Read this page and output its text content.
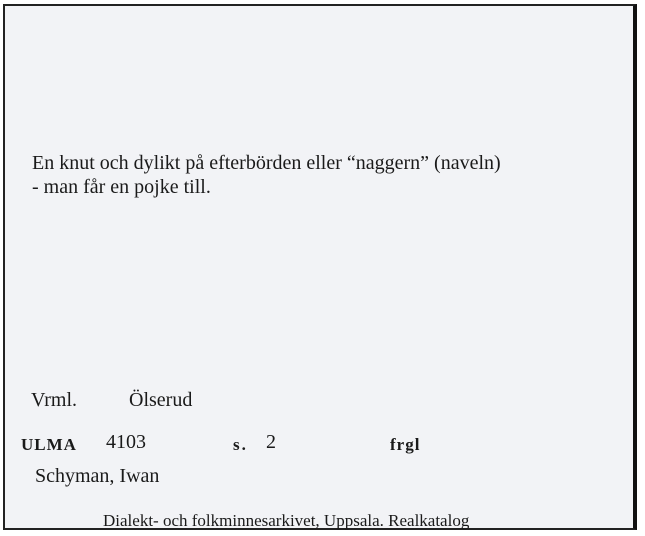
En knut och dylikt på efterbörden eller “naggern” (naveln)
- man får en pojke till.
Vrml.	Ölserud
ULMA 4103	s. 2	frgl
Schyman, Iwan
Dialekt- och folkminnesarkivet, Uppsala. Realkatalog
